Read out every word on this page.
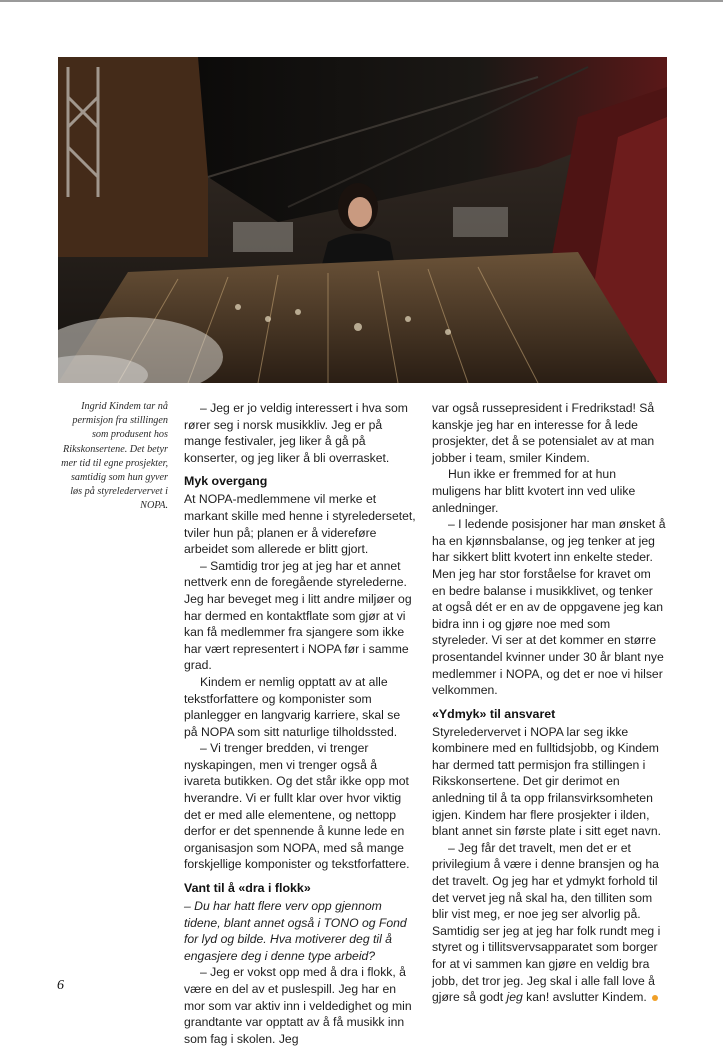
Ingrid Kindem tar nå permisjon fra stillingen som produsent hos Rikskonsertene. Det betyr mer tid til egne prosjekter, samtidig som hun gyver løs på styreledervervet i NOPA.

– Jeg er jo veldig interessert i hva som rører seg i norsk musikkliv. Jeg er på mange festivaler, jeg liker å gå på konserter, og jeg liker å bli overrasket.

Myk overgang

At NOPA-medlemmene vil merke et markant skille med henne i styreledersetet, tviler hun på; planen er å videreføre arbeidet som allerede er blitt gjort.

– Samtidig tror jeg at jeg har et annet nettverk enn de foregående styrelederne. Jeg har beveget meg i litt andre miljøer og har dermed en kontaktflate som gjør at vi kan få medlemmer fra sjangere som ikke har vært representert i NOPA før i samme grad.

Kindem er nemlig opptatt av at alle tekstforfattere og komponister som planlegger en langvarig karriere, skal se på NOPA som sitt naturlige tilholdssted.

– Vi trenger bredden, vi trenger nyskapingen, men vi trenger også å ivareta butikken. Og det står ikke opp mot hverandre. Vi er fullt klar over hvor viktig det er med alle elementene, og nettopp derfor er det spennende å kunne lede en organisasjon som NOPA, med så mange forskjellige komponister og tekstforfattere.

Vant til å «dra i flokk»

– Du har hatt flere verv opp gjennom tidene, blant annet også i TONO og Fond for lyd og bilde. Hva motiverer deg til å engasjere deg i denne type arbeid?

– Jeg er vokst opp med å dra i flokk, å være en del av et puslespill. Jeg har en mor som var aktiv inn i veldedighet og min grandtante var opptatt av å få musikk inn som fag i skolen. Jeg

var også russepresident i Fredrikstad! Så kanskje jeg har en interesse for å lede prosjekter, det å se potensialet av at man jobber i team, smiler Kindem.

Hun ikke er fremmed for at hun muligens har blitt kvotert inn ved ulike anledninger.

– I ledende posisjoner har man ønsket å ha en kjønnsbalanse, og jeg tenker at jeg har sikkert blitt kvotert inn enkelte steder. Men jeg har stor forståelse for kravet om en bedre balanse i musikklivet, og tenker at også dét er en av de oppgavene jeg kan bidra inn i og gjøre noe med som styreleder. Vi ser at det kommer en større prosentandel kvinner under 30 år blant nye medlemmer i NOPA, og det er noe vi hilser velkommen.

«Ydmyk» til ansvaret

Styreledervervet i NOPA lar seg ikke kombinere med en fulltidsjobb, og Kindem har dermed tatt permisjon fra stillingen i Rikskonsertene. Det gir derimot en anledning til å ta opp frilansvirksomheten igjen. Kindem har flere prosjekter i ilden, blant annet sin første plate i sitt eget navn.

– Jeg får det travelt, men det er et privilegium å være i denne bransjen og ha det travelt. Og jeg har et ydmykt forhold til det vervet jeg nå skal ha, den tilliten som blir vist meg, er noe jeg ser alvorlig på. Samtidig ser jeg at jeg har folk rundt meg i styret og i tillitsvervsapparatet som borger for at vi sammen kan gjøre en veldig bra jobb, det tror jeg. Jeg skal i alle fall love å gjøre så godt jeg kan! avslutter Kindem.

6
